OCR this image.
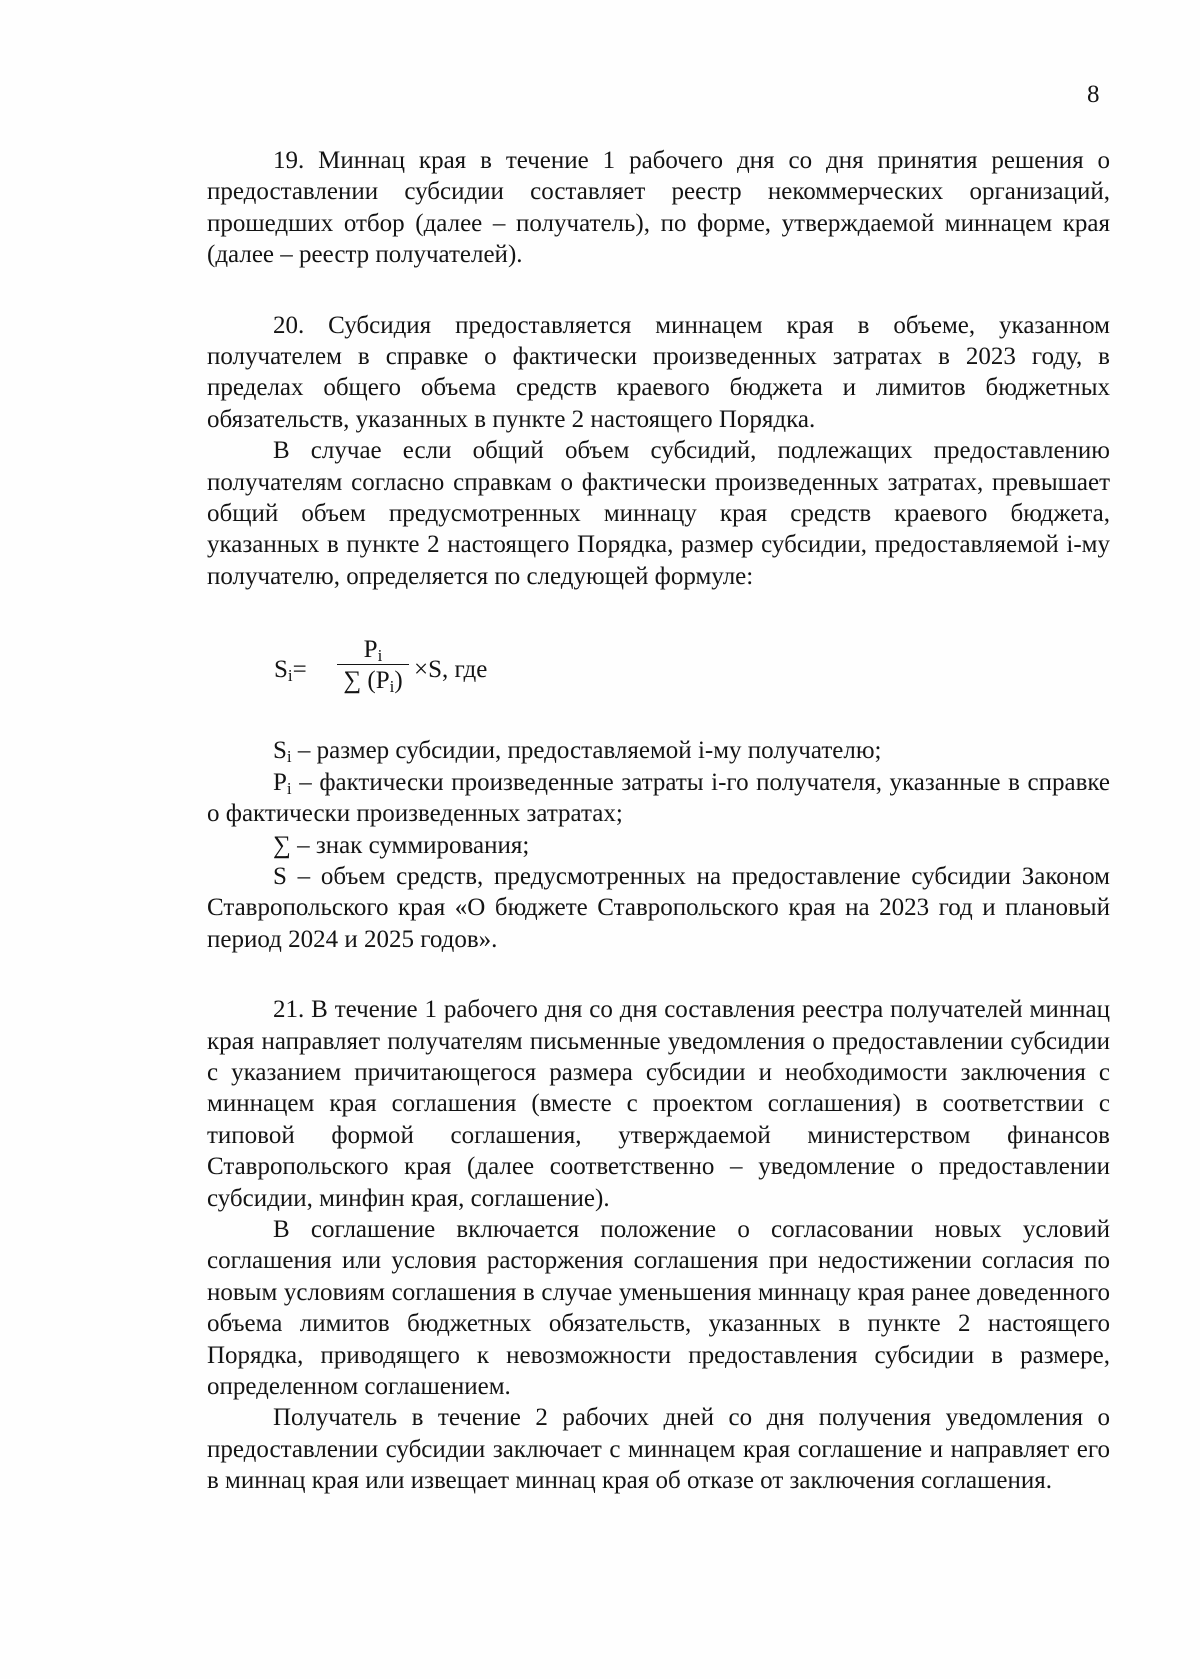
8

19. Миннац края в течение 1 рабочего дня со дня принятия решения о предоставлении субсидии составляет реестр некоммерческих организаций, прошедших отбор (далее – получатель), по форме, утверждаемой миннацем края (далее – реестр получателей).

20. Субсидия предоставляется миннацем края в объеме, указанном получателем в справке о фактически произведенных затратах в 2023 году, в пределах общего объема средств краевого бюджета и лимитов бюджетных обязательств, указанных в пункте 2 настоящего Порядка.

В случае если общий объем субсидий, подлежащих предоставлению получателям согласно справкам о фактически произведенных затратах, превышает общий объем предусмотренных миннацу края средств краевого бюджета, указанных в пункте 2 настоящего Порядка, размер субсидии, предоставляемой i-му получателю, определяется по следующей формуле:

$S_i= \frac{P_i}{\sum (P_i)} \times S$, где

$S_i$ – размер субсидии, предоставляемой i-му получателю;

$P_i$ – фактически произведенные затраты i-го получателя, указанные в справке о фактически произведенных затратах;

∑ – знак суммирования;

S – объем средств, предусмотренных на предоставление субсидии Законом Ставропольского края «О бюджете Ставропольского края на 2023 год и плановый период 2024 и 2025 годов».

21. В течение 1 рабочего дня со дня составления реестра получателей миннац края направляет получателям письменные уведомления о предоставлении субсидии с указанием причитающегося размера субсидии и необходимости заключения с миннацем края соглашения (вместе с проектом соглашения) в соответствии с типовой формой соглашения, утверждаемой министерством финансов Ставропольского края (далее соответственно – уведомление о предоставлении субсидии, минфин края, соглашение).

В соглашение включается положение о согласовании новых условий соглашения или условия расторжения соглашения при недостижении согласия по новым условиям соглашения в случае уменьшения миннацу края ранее доведенного объема лимитов бюджетных обязательств, указанных в пункте 2 настоящего Порядка, приводящего к невозможности предоставления субсидии в размере, определенном соглашением.

Получатель в течение 2 рабочих дней со дня получения уведомления о предоставлении субсидии заключает с миннацем края соглашение и направляет его в миннац края или извещает миннац края об отказе от заключения соглашения.
